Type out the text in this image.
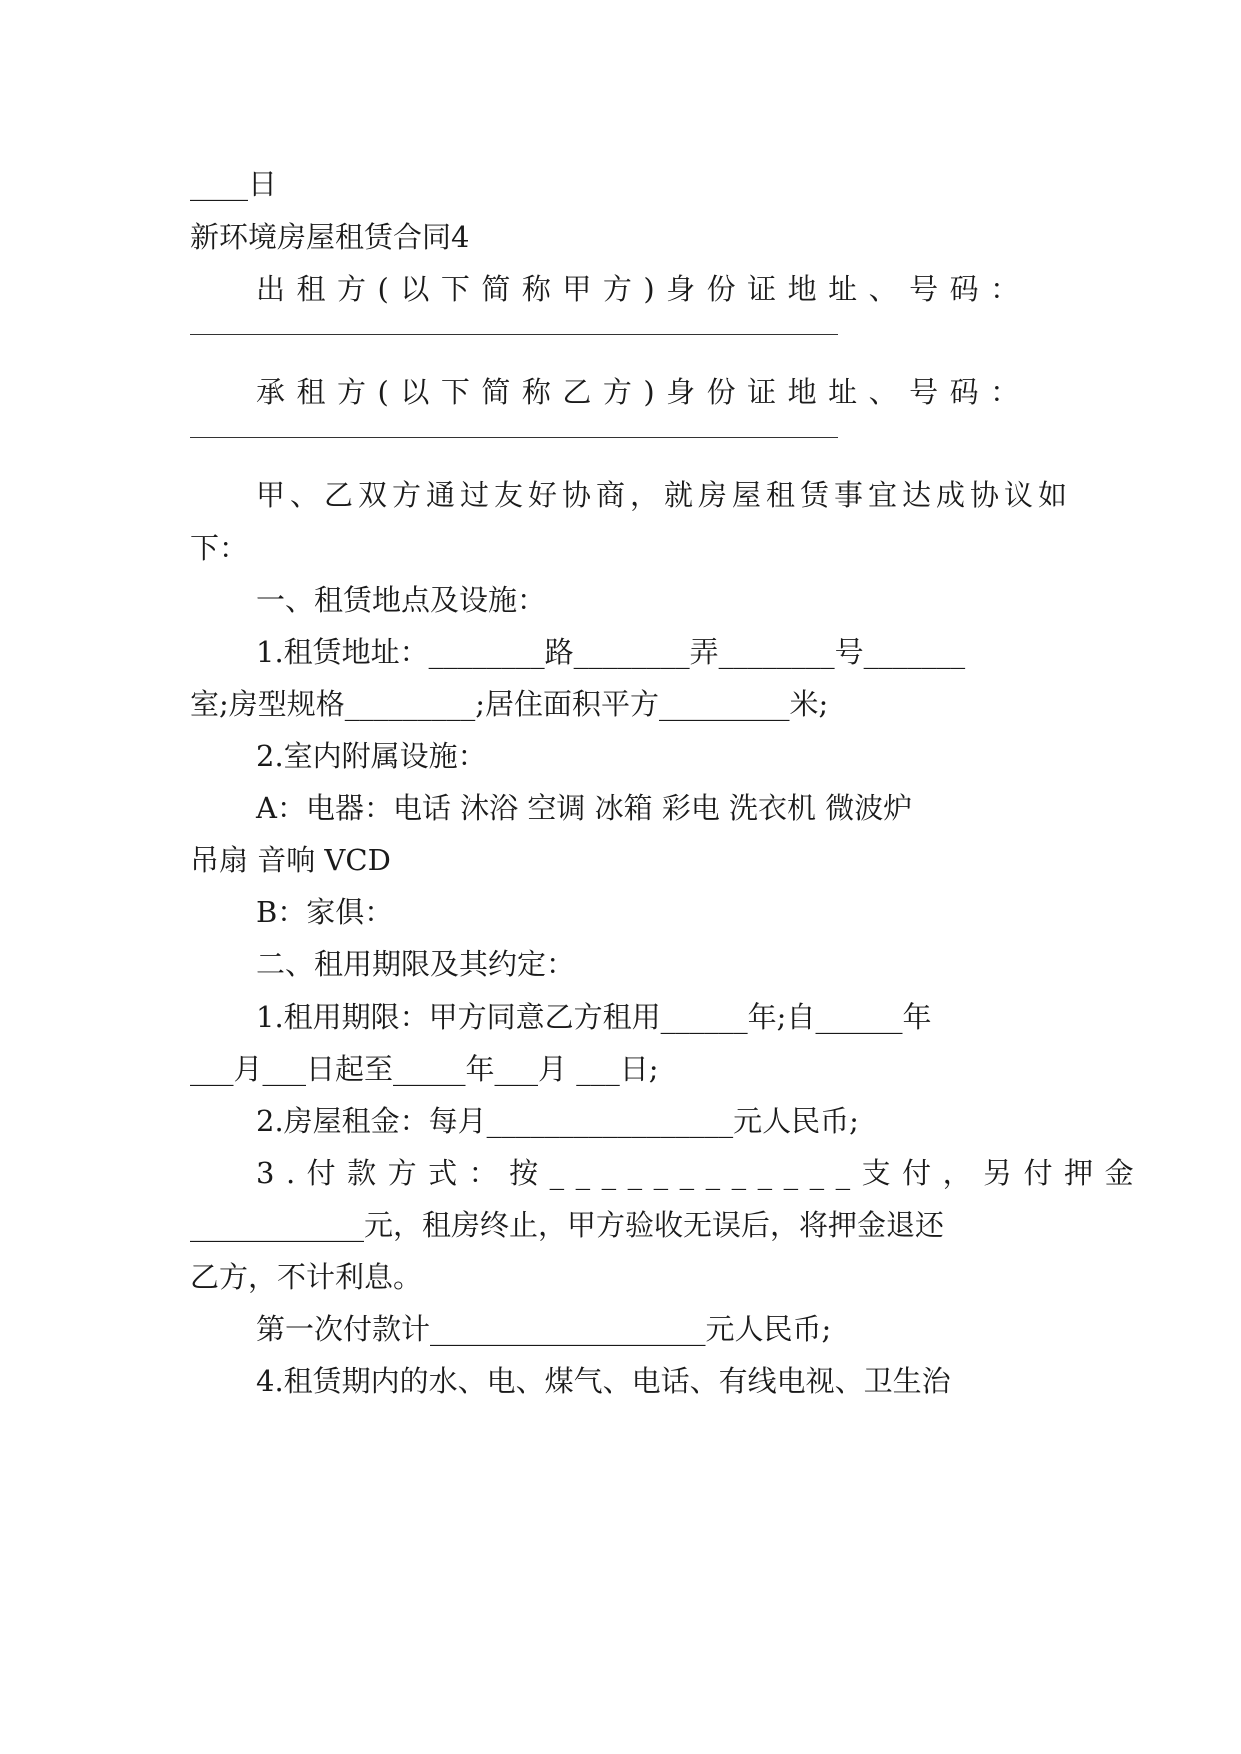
____日
新环境房屋租赁合同4
出租方(以下简称甲方)身份证地址、号码：
承租方(以下简称乙方)身份证地址、号码：
甲、乙双方通过友好协商，就房屋租赁事宜达成协议如
下：
一、租赁地点及设施：
1.租赁地址：________路________弄________号_______
室;房型规格_________;居住面积平方_________米;
2.室内附属设施：
A：电器：电话 沐浴 空调 冰箱 彩电 洗衣机 微波炉
吊扇 音响 VCD
B：家俱：
二、租用期限及其约定：
1.租用期限：甲方同意乙方租用______年;自______年
___月___日起至_____年___月 ___日;
2.房屋租金：每月_________________元人民币;
3.付款方式：按____________支付，另付押金
____________元，租房终止，甲方验收无误后，将押金退还
乙方，不计利息。
第一次付款计___________________元人民币;
4.租赁期内的水、电、煤气、电话、有线电视、卫生治
